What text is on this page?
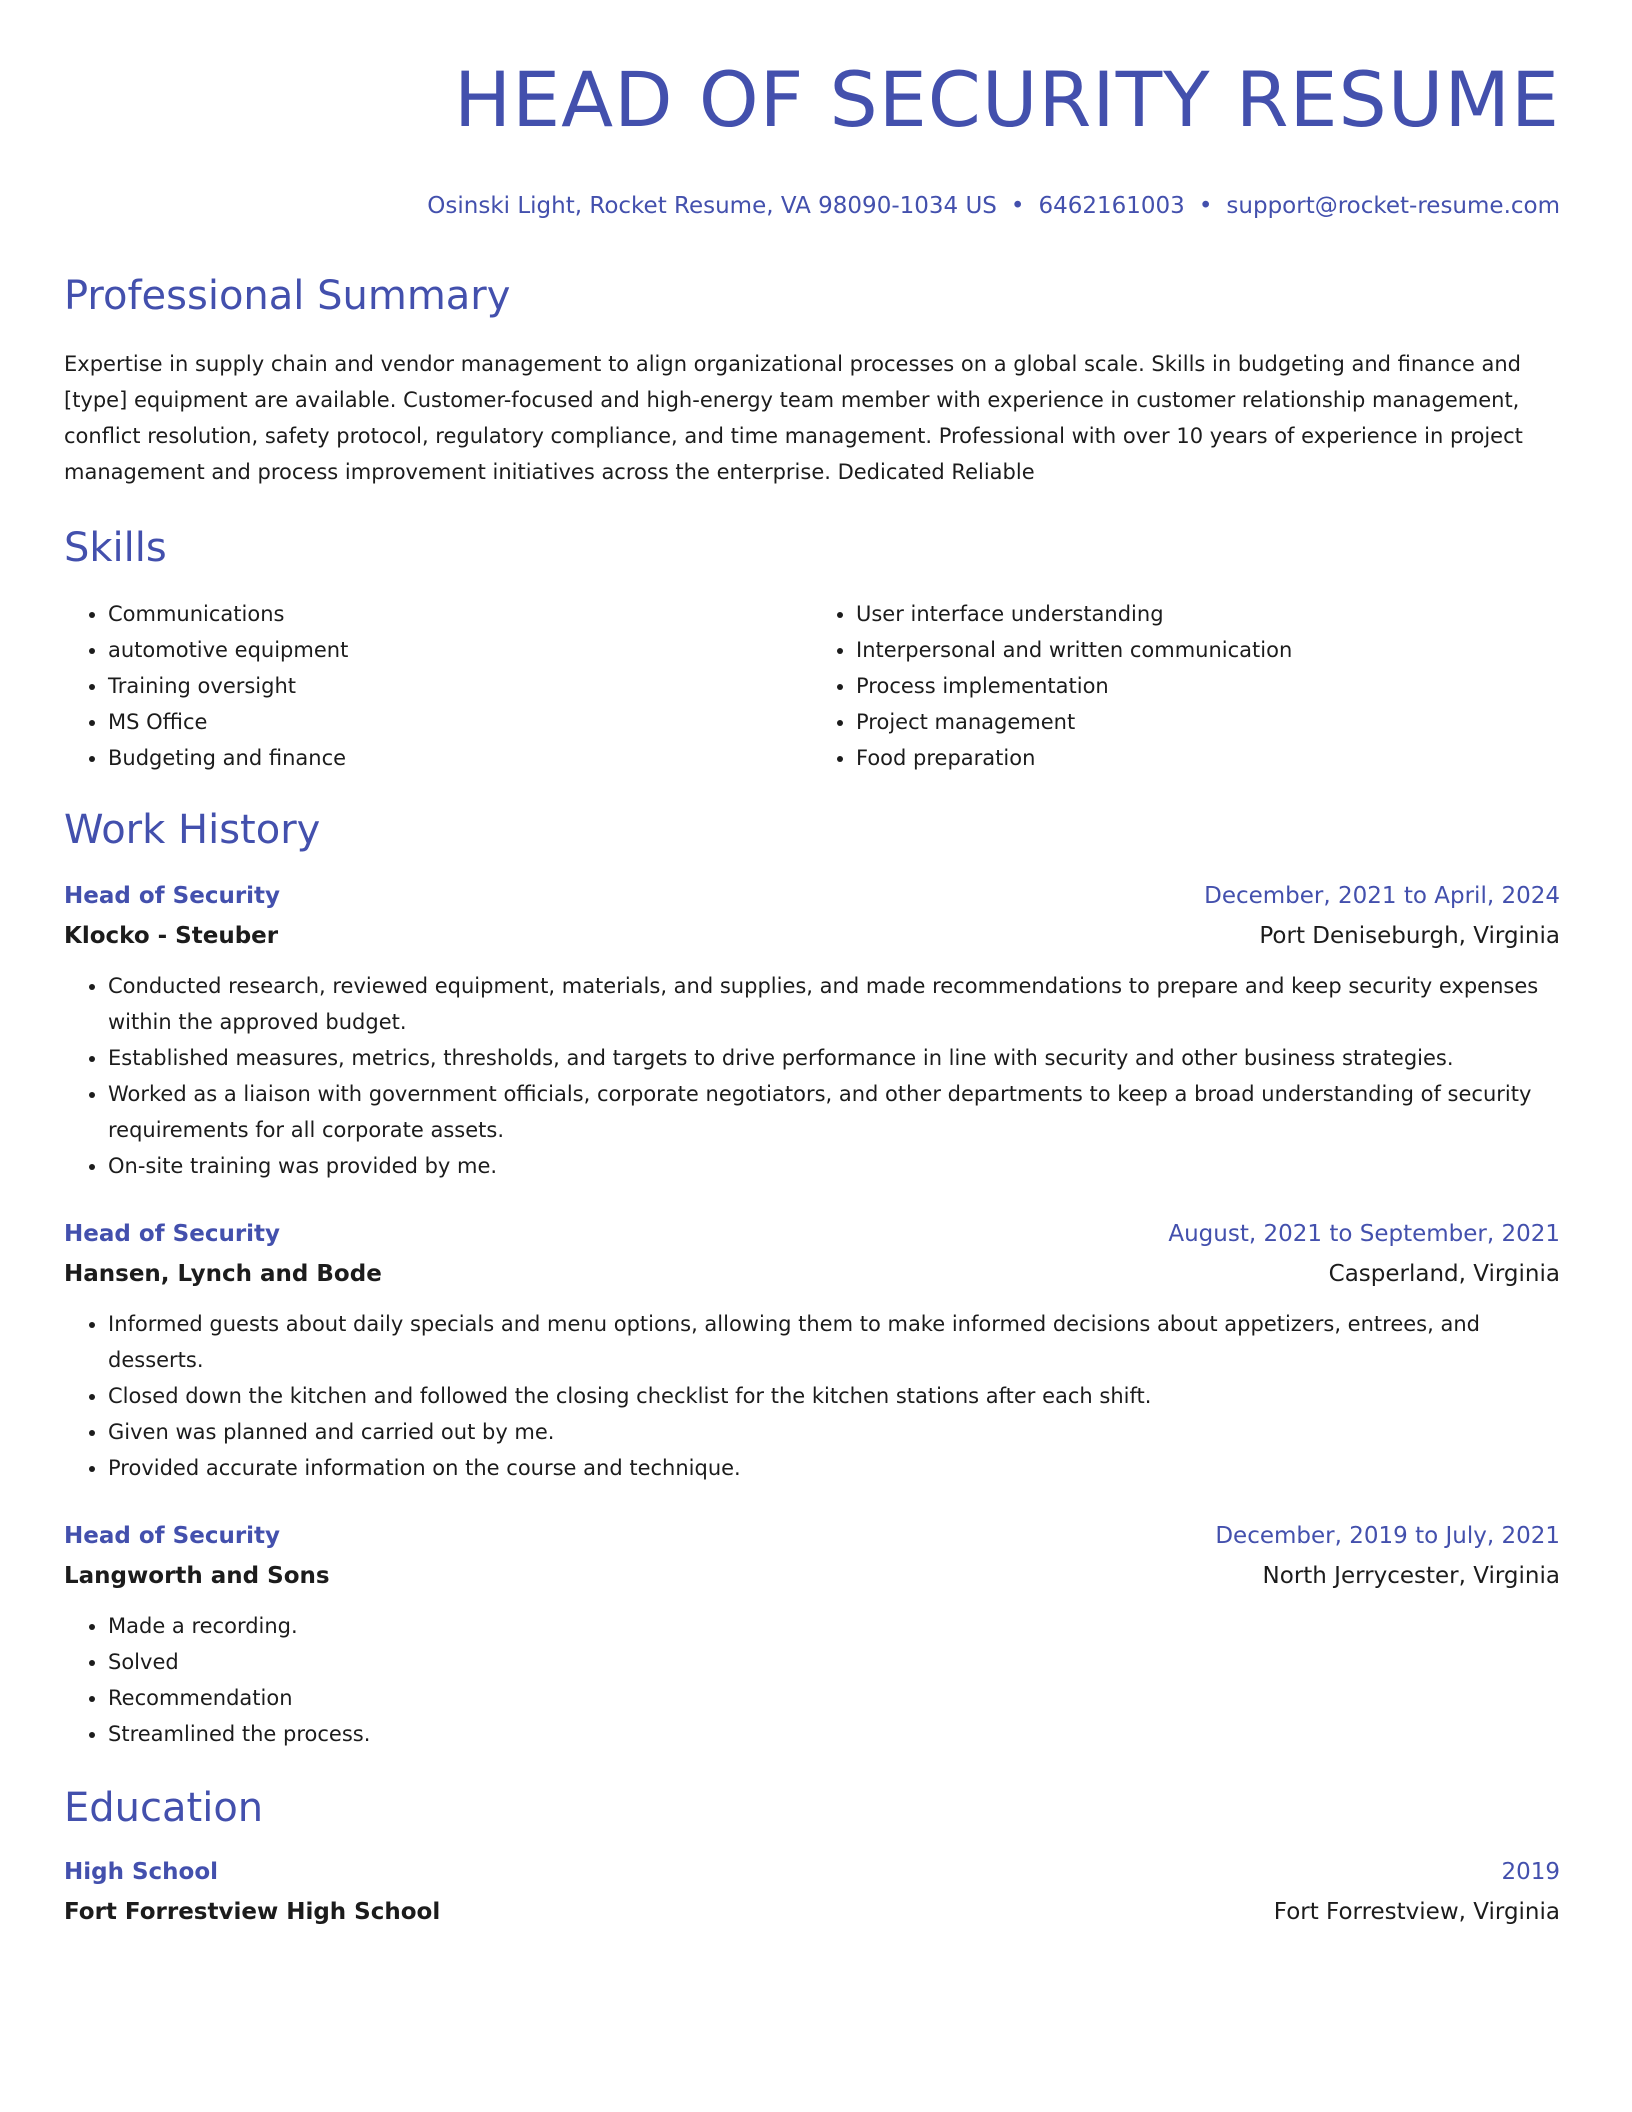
HEAD OF SECURITY RESUME
Osinski Light, Rocket Resume, VA 98090-1034 US • 6462161003 • support@rocket-resume.com
Professional Summary

Expertise in supply chain and vendor management to align organizational processes on a global scale. Skills in budgeting and finance and [type] equipment are available. Customer-focused and high-energy team member with experience in customer relationship management, conflict resolution, safety protocol, regulatory compliance, and time management. Professional with over 10 years of experience in project management and process improvement initiatives across the enterprise. Dedicated Reliable

Skills
• Communications
• automotive equipment
• Training oversight
• MS Office
• Budgeting and finance
• User interface understanding
• Interpersonal and written communication
• Process implementation
• Project management
• Food preparation
Work History
Head of Security	December, 2021 to April, 2024
Klocko - Steuber	Port Deniseburgh, Virginia
• Conducted research, reviewed equipment, materials, and supplies, and made recommendations to prepare and keep security expenses within the approved budget.
• Established measures, metrics, thresholds, and targets to drive performance in line with security and other business strategies.
• Worked as a liaison with government officials, corporate negotiators, and other departments to keep a broad understanding of security requirements for all corporate assets.
• On-site training was provided by me.
Head of Security	August, 2021 to September, 2021
Hansen, Lynch and Bode	Casperland, Virginia
• Informed guests about daily specials and menu options, allowing them to make informed decisions about appetizers, entrees, and desserts.
• Closed down the kitchen and followed the closing checklist for the kitchen stations after each shift.
• Given was planned and carried out by me.
• Provided accurate information on the course and technique.
Head of Security	December, 2019 to July, 2021
Langworth and Sons	North Jerrycester, Virginia
• Made a recording.
• Solved
• Recommendation
• Streamlined the process.
Education
High School	2019
Fort Forrestview High School	Fort Forrestview, Virginia
